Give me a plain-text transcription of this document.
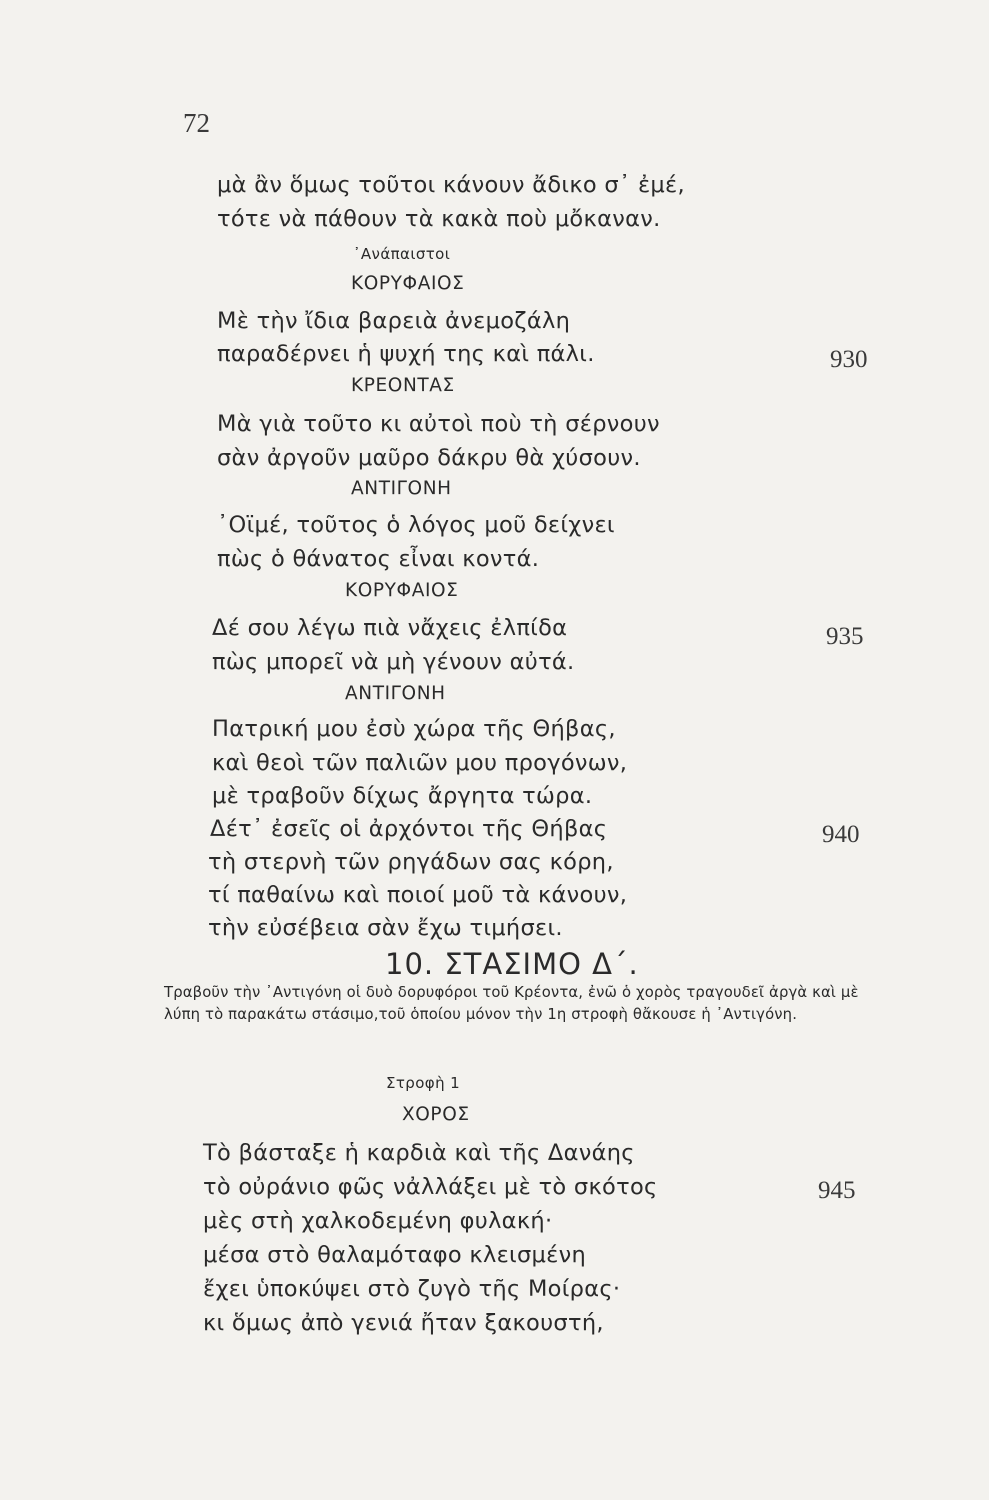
72
μὰ ἂν ὅμως τοῦτοι κάνουν ἄδικο σ᾽ ἐμέ,
τότε νὰ πάθουν τὰ κακὰ ποὺ μὄκαναν.
᾽Ανάπαιστοι
ΚΟΡΥΦΑΙΟΣ
Μὲ τὴν ἴδια βαρειὰ ἀνεμοζάλη
παραδέρνει ἡ ψυχή της καὶ πάλι.	930
ΚΡΕΟΝΤΑΣ
Μὰ γιὰ τοῦτο κι αὐτοὶ ποὺ τὴ σέρνουν
σὰν ἀργοῦν μαῦρο δάκρυ θὰ χύσουν.
ΑΝΤΙΓΟΝΗ
᾽Οϊμέ, τοῦτος ὁ λόγος μοῦ δείχνει
πὼς ὁ θάνατος εἶναι κοντά.
ΚΟΡΥΦΑΙΟΣ
Δέ σου λέγω πιὰ νἄχεις ἐλπίδα	935
πὼς μπορεῖ νὰ μὴ γένουν αὐτά.
ΑΝΤΙΓΟΝΗ
Πατρική μου ἐσὺ χώρα τῆς Θήβας,
καὶ θεοὶ τῶν παλιῶν μου προγόνων,
μὲ τραβοῦν δίχως ἄργητα τώρα.
Δέτ᾽ ἐσεῖς οἱ ἀρχόντοι τῆς Θήβας	940
τὴ στερνὴ τῶν ρηγάδων σας κόρη,
τί παθαίνω καὶ ποιοί μοῦ τὰ κάνουν,
τὴν εὐσέβεια σὰν ἔχω τιμήσει.
10. ΣΤΑΣΙΜΟ Δ΄.
Τραβοῦν τὴν ᾽Αντιγόνη οἱ δυὸ δορυφόροι τοῦ Κρέοντα, ἐνῶ ὁ χορὸς τραγουδεῖ ἀργὰ καὶ μὲ λύπη τὸ παρακάτω στάσιμο,τοῦ ὁποίου μόνον τὴν 1η στροφὴ θἄκουσε ἡ ᾽Αντιγόνη.
Στροφὴ 1
ΧΟΡΟΣ
Τὸ βάσταξε ἡ καρδιὰ καὶ τῆς Δανάης
τὸ οὐράνιο φῶς νἀλλάξει μὲ τὸ σκότος	945
μὲς στὴ χαλκοδεμένη φυλακή·
μέσα στὸ θαλαμόταφο κλεισμένη
ἔχει ὑποκύψει στὸ ζυγὸ τῆς Μοίρας·
κι ὅμως ἀπὸ γενιά ἤταν ξακουστή,
